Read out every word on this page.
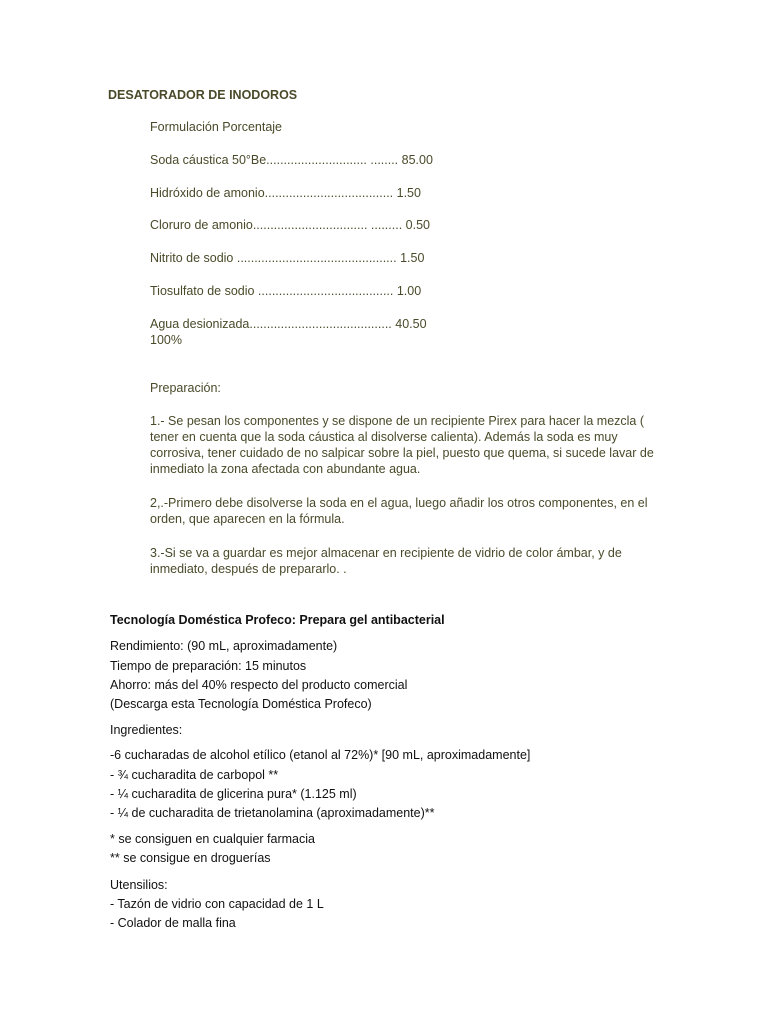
DESATORADOR DE INODOROS
Formulación Porcentaje
Soda cáustica 50°Be............................. ........ 85.00
Hidróxido de amonio..................................... 1.50
Cloruro de amonio................................. ......... 0.50
Nitrito de sodio .............................................. 1.50
Tiosulfato de sodio ....................................... 1.00
Agua desionizada......................................... 40.50
100%
Preparación:
1.- Se pesan los componentes y se dispone de un recipiente Pirex para hacer la mezcla ( tener en cuenta que la soda cáustica al disolverse calienta). Además la soda es muy corrosiva, tener cuidado de no salpicar sobre la piel, puesto que quema, si sucede lavar de inmediato la zona afectada con abundante agua.
2,.-Primero debe disolverse la soda en el agua, luego añadir los otros componentes, en el orden, que aparecen en la fórmula.
3.-Si se va a guardar es mejor almacenar en recipiente de vidrio de color ámbar, y de inmediato, después de prepararlo. .
Tecnología Doméstica Profeco: Prepara gel antibacterial
Rendimiento: (90 mL, aproximadamente)
Tiempo de preparación: 15 minutos
Ahorro: más del 40% respecto del producto comercial
(Descarga esta Tecnología Doméstica Profeco)
Ingredientes:
-6 cucharadas de alcohol etílico (etanol al 72%)* [90 mL, aproximadamente]
- ¾ cucharadita de carbopol **
- ¼ cucharadita de glicerina pura* (1.125 ml)
- ¼ de cucharadita de trietanolamina (aproximadamente)**
* se consiguen en cualquier farmacia
** se consigue en droguerías
Utensilios:
- Tazón de vidrio con capacidad de 1 L
- Colador de malla fina
